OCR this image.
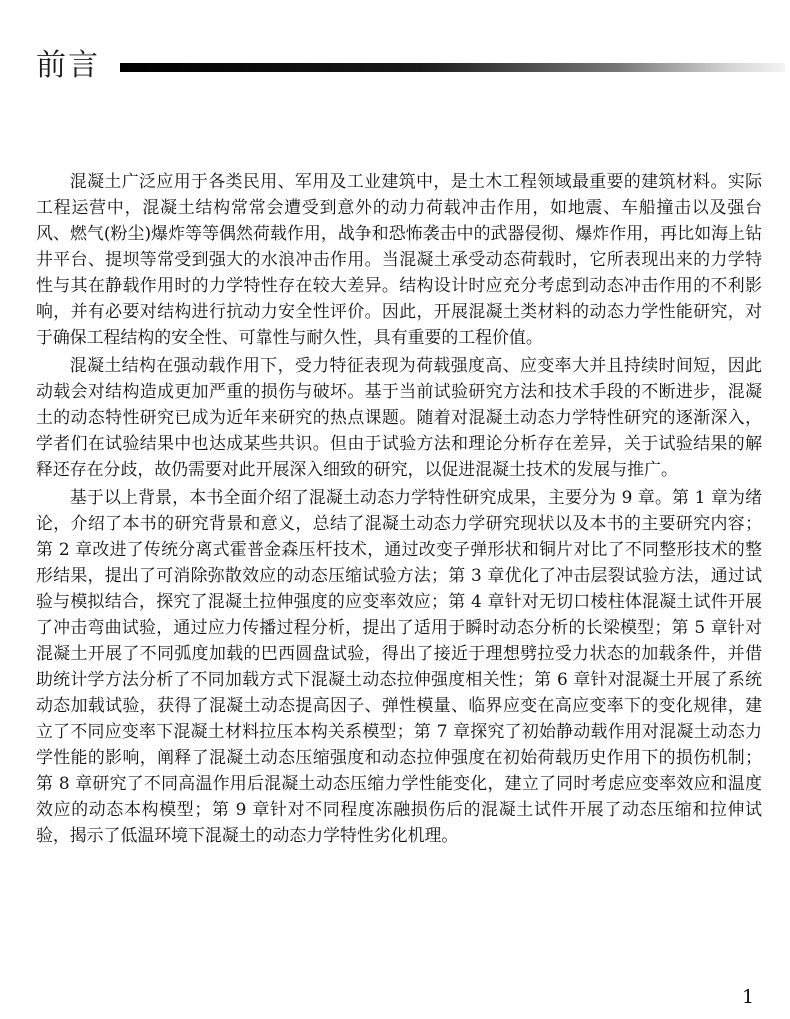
前言

混凝土广泛应用于各类民用、军用及工业建筑中，是土木工程领域最重要的建筑材料。实际工程运营中，混凝土结构常常会遭受到意外的动力荷载冲击作用，如地震、车船撞击以及强台风、燃气(粉尘)爆炸等等偶然荷载作用，战争和恐怖袭击中的武器侵彻、爆炸作用，再比如海上钻井平台、提坝等常受到强大的水浪冲击作用。当混凝土承受动态荷载时，它所表现出来的力学特性与其在静载作用时的力学特性存在较大差异。结构设计时应充分考虑到动态冲击作用的不利影响，并有必要对结构进行抗动力安全性评价。因此，开展混凝土类材料的动态力学性能研究，对于确保工程结构的安全性、可靠性与耐久性，具有重要的工程价值。

混凝土结构在强动载作用下，受力特征表现为荷载强度高、应变率大并且持续时间短，因此动载会对结构造成更加严重的损伤与破坏。基于当前试验研究方法和技术手段的不断进步，混凝土的动态特性研究已成为近年来研究的热点课题。随着对混凝土动态力学特性研究的逐渐深入，学者们在试验结果中也达成某些共识。但由于试验方法和理论分析存在差异，关于试验结果的解释还存在分歧，故仍需要对此开展深入细致的研究，以促进混凝土技术的发展与推广。

基于以上背景，本书全面介绍了混凝土动态力学特性研究成果，主要分为 9 章。第 1 章为绪论，介绍了本书的研究背景和意义，总结了混凝土动态力学研究现状以及本书的主要研究内容；第 2 章改进了传统分离式霍普金森压杆技术，通过改变子弹形状和铜片对比了不同整形技术的整形结果，提出了可消除弥散效应的动态压缩试验方法；第 3 章优化了冲击层裂试验方法，通过试验与模拟结合，探究了混凝土拉伸强度的应变率效应；第 4 章针对无切口棱柱体混凝土试件开展了冲击弯曲试验，通过应力传播过程分析，提出了适用于瞬时动态分析的长梁模型；第 5 章针对混凝土开展了不同弧度加载的巴西圆盘试验，得出了接近于理想劈拉受力状态的加载条件，并借助统计学方法分析了不同加载方式下混凝土动态拉伸强度相关性；第 6 章针对混凝土开展了系统动态加载试验，获得了混凝土动态提高因子、弹性模量、临界应变在高应变率下的变化规律，建立了不同应变率下混凝土材料拉压本构关系模型；第 7 章探究了初始静动载作用对混凝土动态力学性能的影响，阐释了混凝土动态压缩强度和动态拉伸强度在初始荷载历史作用下的损伤机制；第 8 章研究了不同高温作用后混凝土动态压缩力学性能变化，建立了同时考虑应变率效应和温度效应的动态本构模型；第 9 章针对不同程度冻融损伤后的混凝土试件开展了动态压缩和拉伸试验，揭示了低温环境下混凝土的动态力学特性劣化机理。

1
